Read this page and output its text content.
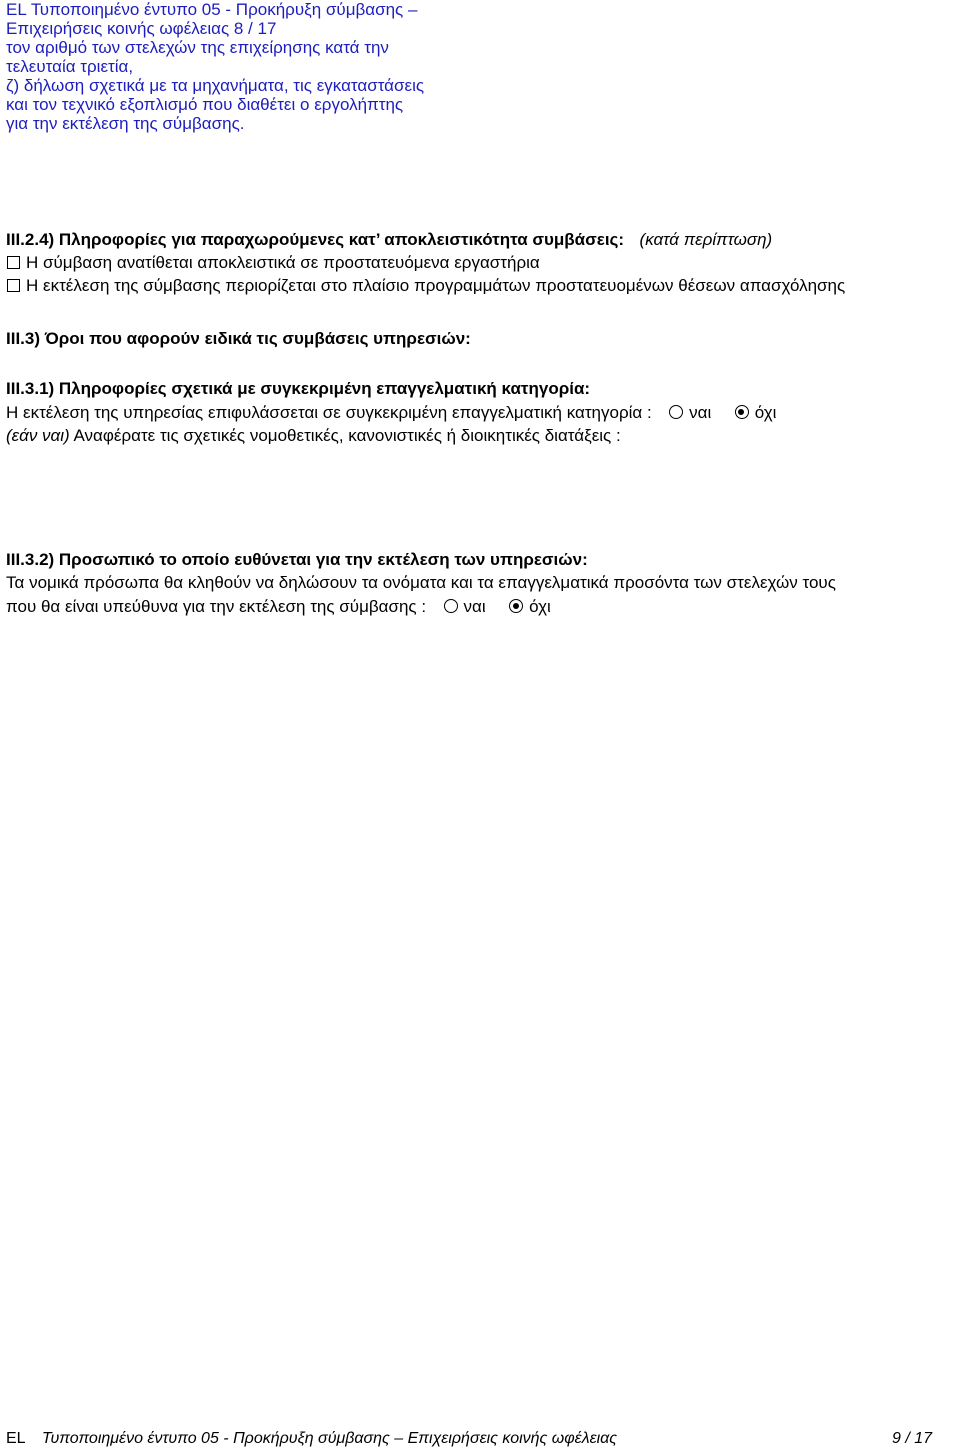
EL Τυποποιημένο έντυπο 05 - Προκήρυξη σύμβασης –
Επιχειρήσεις κοινής ωφέλειας 8 / 17
τον αριθμό των στελεχών της επιχείρησης κατά την
τελευταία τριετία,
ζ) δήλωση σχετικά με τα μηχανήματα, τις εγκαταστάσεις
και τον τεχνικό εξοπλισμό που διαθέτει ο εργολήπτης
για την εκτέλεση της σύμβασης.
III.2.4) Πληροφορίες για παραχωρούμενες κατ’ αποκλειστικότητα συμβάσεις: (κατά περίπτωση)
Η σύμβαση ανατίθεται αποκλειστικά σε προστατευόμενα εργαστήρια
Η εκτέλεση της σύμβασης περιορίζεται στο πλαίσιο προγραμμάτων προστατευομένων θέσεων απασχόλησης
III.3) Όροι που αφορούν ειδικά τις συμβάσεις υπηρεσιών:
III.3.1) Πληροφορίες σχετικά με συγκεκριμένη επαγγελματική κατηγορία:
Η εκτέλεση της υπηρεσίας επιφυλάσσεται σε συγκεκριμένη επαγγελματική κατηγορία : ναι	όχι
(εάν ναι) Αναφέρατε τις σχετικές νομοθετικές, κανονιστικές ή διοικητικές διατάξεις :
III.3.2) Προσωπικό το οποίο ευθύνεται για την εκτέλεση των υπηρεσιών:
Τα νομικά πρόσωπα θα κληθούν να δηλώσουν τα ονόματα και τα επαγγελματικά προσόντα των στελεχών τους
που θα είναι υπεύθυνα για την εκτέλεση της σύμβασης : ναι	όχι
EL Τυποποιημένο έντυπο 05 - Προκήρυξη σύμβασης – Επιχειρήσεις κοινής ωφέλειας	9 / 17
